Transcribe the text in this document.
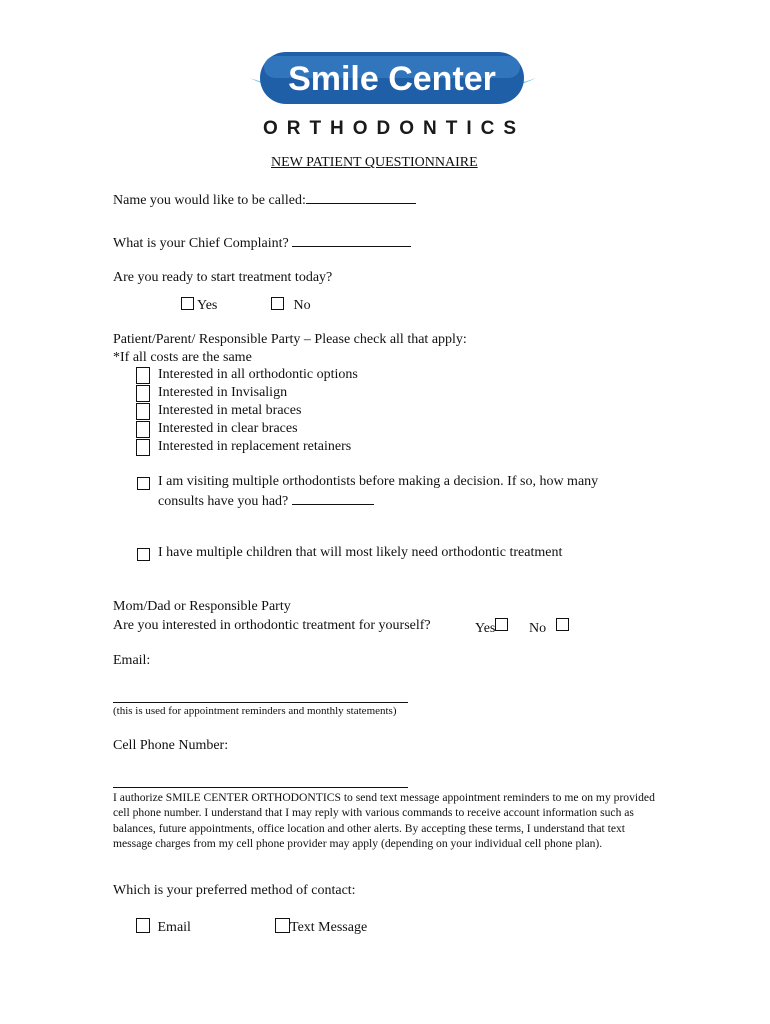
Smile Center
ORTHODONTICS
NEW PATIENT QUESTIONNAIRE
Name you would like to be called:
What is your Chief Complaint?
Are you ready to start treatment today?
Yes	No
Patient/Parent/ Responsible Party – Please check all that apply:
*If all costs are the same
Interested in all orthodontic options
Interested in Invisalign
Interested in metal braces
Interested in clear braces
Interested in replacement retainers
I am visiting multiple orthodontists before making a decision. If so, how many
consults have you had?
I have multiple children that will most likely need orthodontic treatment
Mom/Dad or Responsible Party
Are you interested in orthodontic treatment for yourself?	Yes	No
Email:
(this is used for appointment reminders and monthly statements)
Cell Phone Number:
I authorize SMILE CENTER ORTHODONTICS to send text message appointment reminders to me on my provided cell phone number. I understand that I may reply with various commands to receive account information such as balances, future appointments, office location and other alerts. By accepting these terms, I understand that text message charges from my cell phone provider may apply (depending on your individual cell phone plan).
Which is your preferred method of contact:
Email	Text Message
